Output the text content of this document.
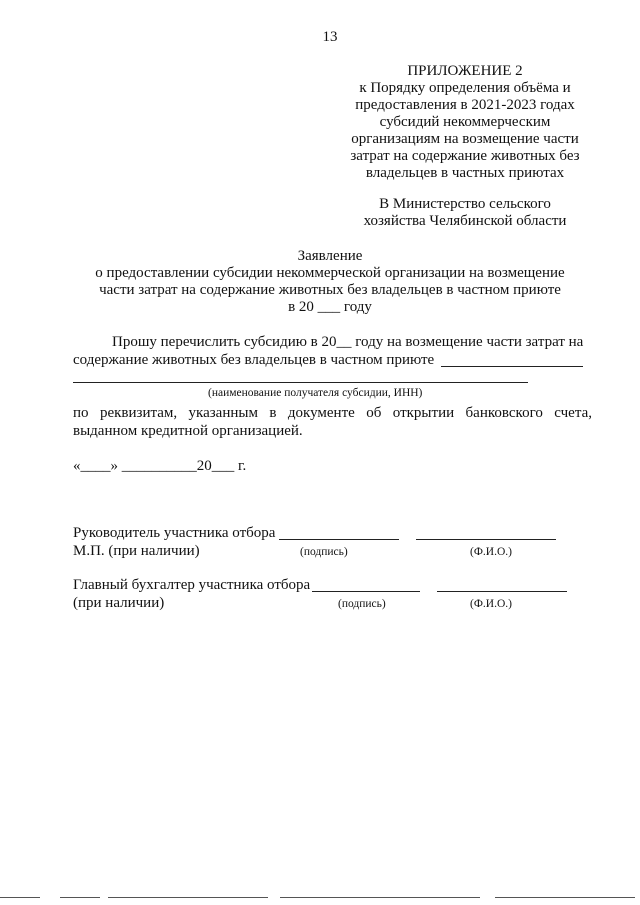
13
ПРИЛОЖЕНИЕ 2
к Порядку определения объёма и
предоставления в 2021-2023 годах
субсидий некоммерческим
организациям на возмещение части
затрат на содержание животных без
владельцев в частных приютах
В Министерство сельского
хозяйства Челябинской области
Заявление
о предоставлении субсидии некоммерческой организации на возмещение
части затрат на содержание животных без владельцев в частном приюте
в 20 ___ году
Прошу перечислить субсидию в 20__ году на возмещение части затрат на
содержание животных без владельцев в частном приюте
(наименование получателя субсидии, ИНН)
по реквизитам, указанным в документе об открытии банковского счета,
выданном кредитной организацией.
«____» __________20___ г.
Руководитель участника отбора
М.П. (при наличии)	(подпись)	(Ф.И.О.)
Главный бухгалтер участника отбора
(при наличии)	(подпись)	(Ф.И.О.)
